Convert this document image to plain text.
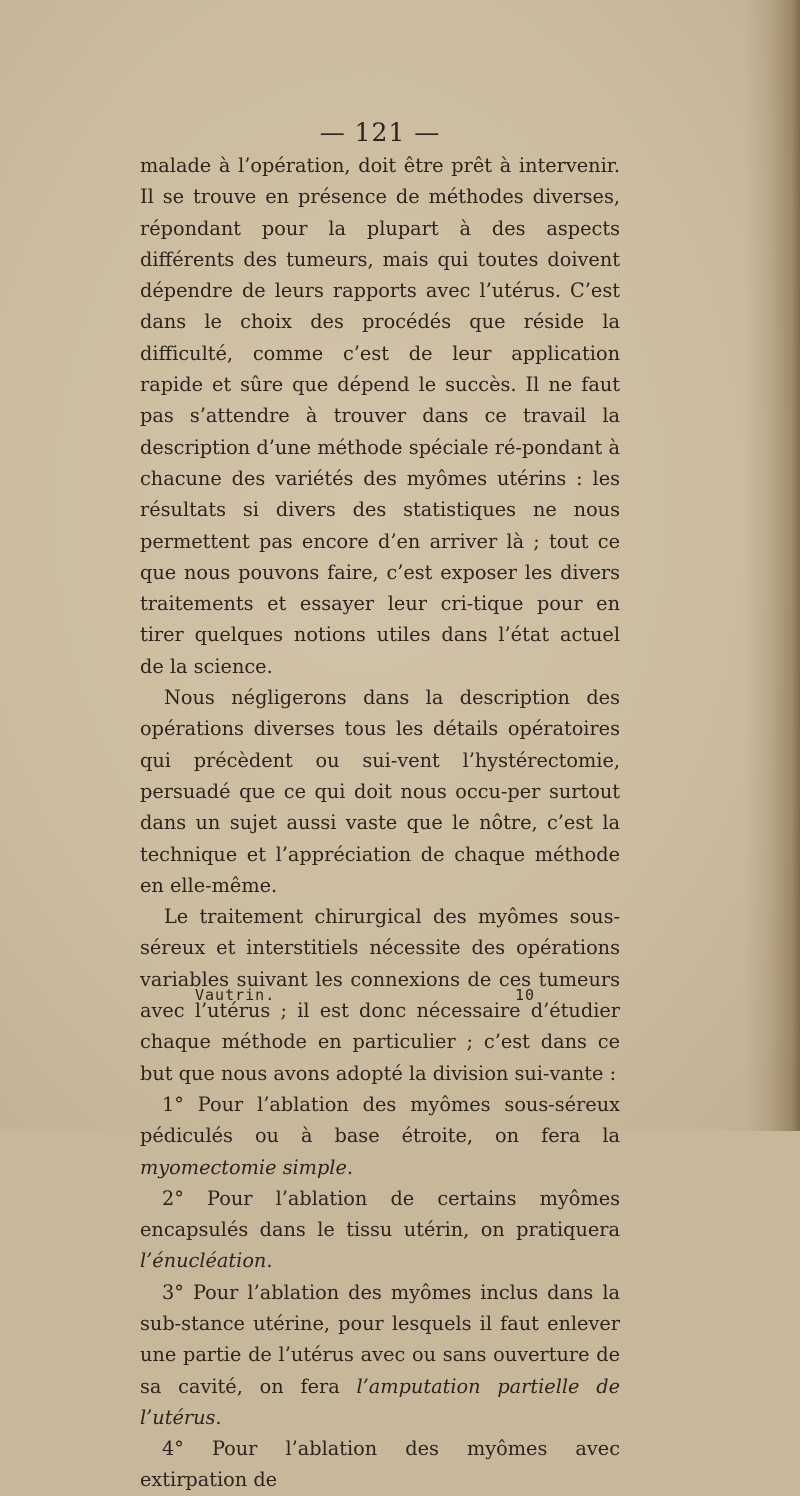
— 121 —

malade à l’opération, doit être prêt à intervenir. Il se trouve en présence de méthodes diverses, répondant pour la plupart à des aspects différents des tumeurs, mais qui toutes doivent dépendre de leurs rapports avec l’utérus. C’est dans le choix des procédés que réside la difficulté, comme c’est de leur application rapide et sûre que dépend le succès. Il ne faut pas s’attendre à trouver dans ce travail la description d’une méthode spéciale ré-pondant à chacune des variétés des myômes utérins : les résultats si divers des statistiques ne nous permettent pas encore d’en arriver là ; tout ce que nous pouvons faire, c’est exposer les divers traitements et essayer leur cri-tique pour en tirer quelques notions utiles dans l’état actuel de la science.

Nous négligerons dans la description des opérations diverses tous les détails opératoires qui précèdent ou sui-vent l’hystérectomie, persuadé que ce qui doit nous occu-per surtout dans un sujet aussi vaste que le nôtre, c’est la technique et l’appréciation de chaque méthode en elle-même.

Le traitement chirurgical des myômes sous-séreux et interstitiels nécessite des opérations variables suivant les connexions de ces tumeurs avec l’utérus ; il est donc nécessaire d’étudier chaque méthode en particulier ; c’est dans ce but que nous avons adopté la division sui-vante :

1° Pour l’ablation des myômes sous-séreux pédiculés ou à base étroite, on fera la myomectomie simple.

2° Pour l’ablation de certains myômes encapsulés dans le tissu utérin, on pratiquera l’énucléation.

3° Pour l’ablation des myômes inclus dans la sub-stance utérine, pour lesquels il faut enlever une partie de l’utérus avec ou sans ouverture de sa cavité, on fera l’amputation partielle de l’utérus.

4° Pour l’ablation des myômes avec extirpation de

Vautrin.	10
